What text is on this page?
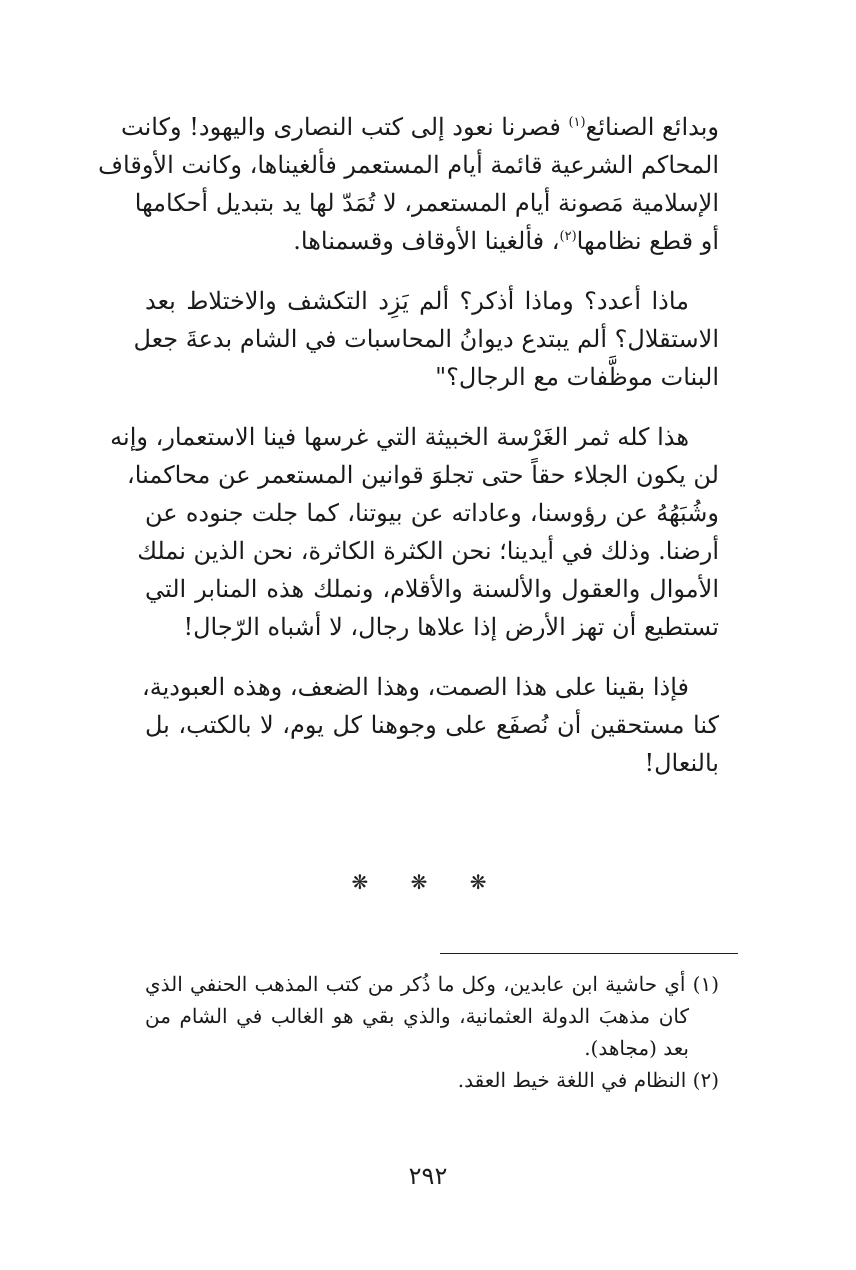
وبدائع الصنائع$^{(١)}$ فصرنا نعود إلى كتب النصارى واليهود! وكانت
المحاكم الشرعية قائمة أيام المستعمر فألغيناها، وكانت الأوقاف
الإسلامية مَصونة أيام المستعمر، لا تُمَدّ لها يد بتبديل أحكامها
أو قطع نظامها$^{(٢)}$، فألغينا الأوقاف وقسمناها.

ماذا أعدد؟ وماذا أذكر؟ ألم يَزِد التكشف والاختلاط بعد
الاستقلال؟ ألم يبتدع ديوانُ المحاسبات في الشام بدعةَ جعل
البنات موظَّفات مع الرجال؟"

هذا كله ثمر الغَرْسة الخبيثة التي غرسها فينا الاستعمار، وإنه
لن يكون الجلاء حقاً حتى تجلوَ قوانين المستعمر عن محاكمنا،
وشُبَهُهُ عن رؤوسنا، وعاداته عن بيوتنا، كما جلت جنوده عن
أرضنا. وذلك في أيدينا؛ نحن الكثرة الكاثرة، نحن الذين نملك
الأموال والعقول والألسنة والأقلام، ونملك هذه المنابر التي
تستطيع أن تهز الأرض إذا علاها رجال، لا أشباه الرّجال!

فإذا بقينا على هذا الصمت، وهذا الضعف، وهذه العبودية،
كنا مستحقين أن نُصفَع على وجوهنا كل يوم، لا بالكتب، بل
بالنعال!

❋ ❋ ❋
(١) أي حاشية ابن عابدين، وكل ما ذُكر من كتب المذهب الحنفي الذي
كان مذهبَ الدولة العثمانية، والذي بقي هو الغالب في الشام من
بعد (مجاهد).
(٢) النظام في اللغة خيط العقد.
٢٩٢
